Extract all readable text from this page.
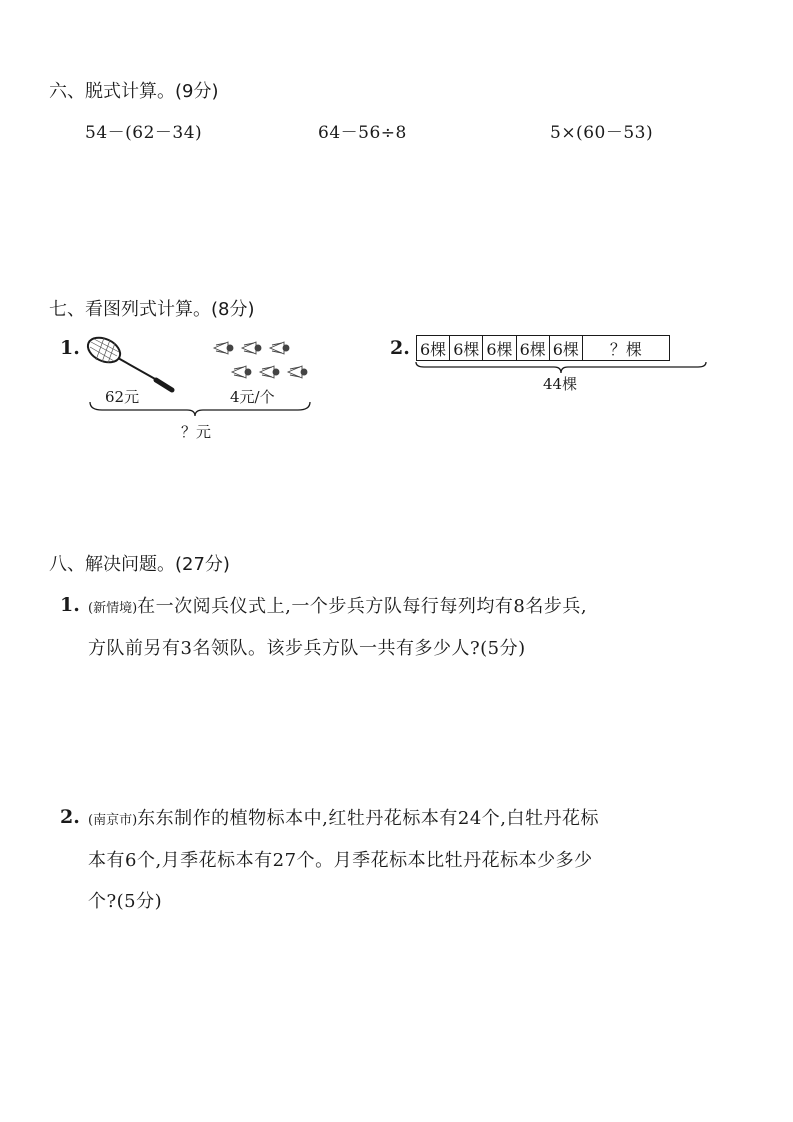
六、脱式计算。(9分)
54－(62－34)	64－56÷8	5×(60－53)
七、看图列式计算。(8分)
1.
62元	4元/个
？元
2. 6棵	6棵	6棵	6棵	6棵	？棵
44棵
八、解决问题。(27分)
1. (新情境)在一次阅兵仪式上,一个步兵方队每行每列均有8名步兵,
方队前另有3名领队。该步兵方队一共有多少人?(5分)
2. (南京市)东东制作的植物标本中,红牡丹花标本有24个,白牡丹花标
本有6个,月季花标本有27个。月季花标本比牡丹花标本少多少
个?(5分)
